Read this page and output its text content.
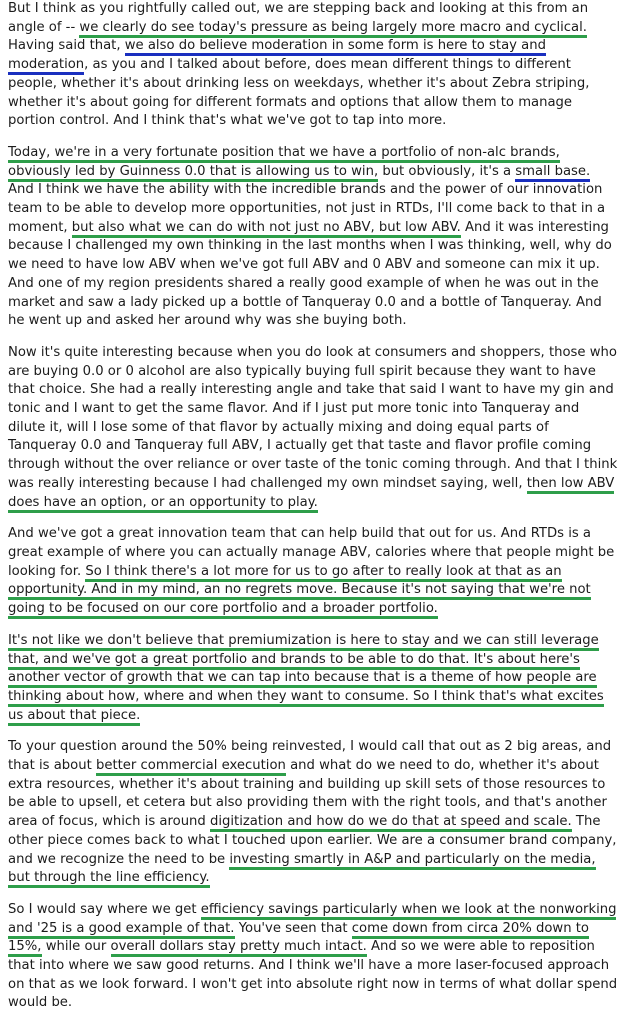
But I think as you rightfully called out, we are stepping back and looking at this from an angle of -- we clearly do see today's pressure as being largely more macro and cyclical. Having said that, we also do believe moderation in some form is here to stay and moderation, as you and I talked about before, does mean different things to different people, whether it's about drinking less on weekdays, whether it's about Zebra striping, whether it's about going for different formats and options that allow them to manage portion control. And I think that's what we've got to tap into more.

Today, we're in a very fortunate position that we have a portfolio of non-alc brands, obviously led by Guinness 0.0 that is allowing us to win, but obviously, it's a small base. And I think we have the ability with the incredible brands and the power of our innovation team to be able to develop more opportunities, not just in RTDs, I'll come back to that in a moment, but also what we can do with not just no ABV, but low ABV. And it was interesting because I challenged my own thinking in the last months when I was thinking, well, why do we need to have low ABV when we've got full ABV and 0 ABV and someone can mix it up. And one of my region presidents shared a really good example of when he was out in the market and saw a lady picked up a bottle of Tanqueray 0.0 and a bottle of Tanqueray. And he went up and asked her around why was she buying both.

Now it's quite interesting because when you do look at consumers and shoppers, those who are buying 0.0 or 0 alcohol are also typically buying full spirit because they want to have that choice. She had a really interesting angle and take that said I want to have my gin and tonic and I want to get the same flavor. And if I just put more tonic into Tanqueray and dilute it, will I lose some of that flavor by actually mixing and doing equal parts of Tanqueray 0.0 and Tanqueray full ABV, I actually get that taste and flavor profile coming through without the over reliance or over taste of the tonic coming through. And that I think was really interesting because I had challenged my own mindset saying, well, then low ABV does have an option, or an opportunity to play.

And we've got a great innovation team that can help build that out for us. And RTDs is a great example of where you can actually manage ABV, calories where that people might be looking for. So I think there's a lot more for us to go after to really look at that as an opportunity. And in my mind, an no regrets move. Because it's not saying that we're not going to be focused on our core portfolio and a broader portfolio.

It's not like we don't believe that premiumization is here to stay and we can still leverage that, and we've got a great portfolio and brands to be able to do that. It's about here's another vector of growth that we can tap into because that is a theme of how people are thinking about how, where and when they want to consume. So I think that's what excites us about that piece.

To your question around the 50% being reinvested, I would call that out as 2 big areas, and that is about better commercial execution and what do we need to do, whether it's about extra resources, whether it's about training and building up skill sets of those resources to be able to upsell, et cetera but also providing them with the right tools, and that's another area of focus, which is around digitization and how do we do that at speed and scale. The other piece comes back to what I touched upon earlier. We are a consumer brand company, and we recognize the need to be investing smartly in A&P and particularly on the media, but through the line efficiency.

So I would say where we get efficiency savings particularly when we look at the nonworking and '25 is a good example of that. You've seen that come down from circa 20% down to 15%, while our overall dollars stay pretty much intact. And so we were able to reposition that into where we saw good returns. And I think we'll have a more laser-focused approach on that as we look forward. I won't get into absolute right now in terms of what dollar spend would be.
